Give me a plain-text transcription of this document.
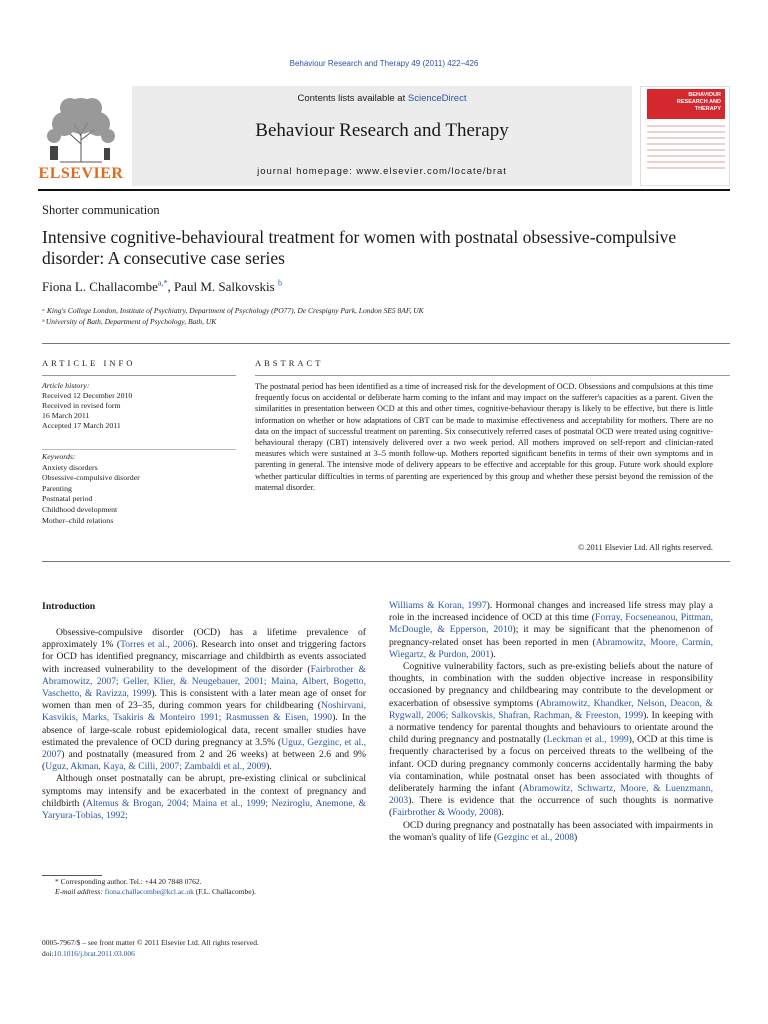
Behaviour Research and Therapy 49 (2011) 422–426
ELSEVIER
Contents lists available at ScienceDirect
Behaviour Research and Therapy
journal homepage: www.elsevier.com/locate/brat
BEHAVIOUR
RESEARCH AND
THERAPY
Shorter communication
Intensive cognitive-behavioural treatment for women with postnatal obsessive-compulsive disorder: A consecutive case series
Fiona L. Challacombe$^{a,*}$, Paul M. Salkovskis $^b$
ᵃ King's College London, Institute of Psychiatry, Department of Psychology (PO77), De Crespigny Park, London SE5 8AF, UK
ᵇ University of Bath, Department of Psychology, Bath, UK
ARTICLE INFO	ABSTRACT
Article history:
Received 12 December 2010
Received in revised form
16 March 2011
Accepted 17 March 2011
Keywords:
Anxiety disorders
Obsessive-compulsive disorder
Parenting
Postnatal period
Childhood development
Mother–child relations
The postnatal period has been identified as a time of increased risk for the development of OCD. Obsessions and compulsions at this time frequently focus on accidental or deliberate harm coming to the infant and may impact on the sufferer's capacities as a parent. Given the similarities in presentation between OCD at this and other times, cognitive-behaviour therapy is likely to be effective, but there is little information on whether or how adaptations of CBT can be made to maximise effectiveness and acceptability for mothers. There are no data on the impact of successful treatment on parenting. Six consecutively referred cases of postnatal OCD were treated using cognitive-behavioural therapy (CBT) intensively delivered over a two week period. All mothers improved on self-report and clinician-rated measures which were sustained at 3–5 month follow-up. Mothers reported significant benefits in terms of their own symptoms and in parenting in general. The intensive mode of delivery appears to be effective and acceptable for this group. Future work should explore whether particular difficulties in terms of parenting are experienced by this group and whether these persist beyond the remission of the maternal disorder.
© 2011 Elsevier Ltd. All rights reserved.
Introduction

Obsessive-compulsive disorder (OCD) has a lifetime prevalence of approximately 1% (Torres et al., 2006). Research into onset and triggering factors for OCD has identified pregnancy, miscarriage and childbirth as events associated with increased vulnerability to the development of the disorder (Fairbrother & Abramowitz, 2007; Geller, Klier, & Neugebauer, 2001; Maina, Albert, Bogetto, Vaschetto, & Ravizza, 1999). This is consistent with a later mean age of onset for women than men of 23–35, during common years for childbearing (Noshirvani, Kasvikis, Marks, Tsakiris & Monteiro 1991; Rasmussen & Eisen, 1990). In the absence of large-scale robust epidemiological data, recent smaller studies have estimated the prevalence of OCD during pregnancy at 3.5% (Uguz, Gezginc, et al., 2007) and postnatally (measured from 2 and 26 weeks) at between 2.6 and 9% (Uguz, Akman, Kaya, & Cilli, 2007; Zambaldi et al., 2009).

Although onset postnatally can be abrupt, pre-existing clinical or subclinical symptoms may intensify and be exacerbated in the context of pregnancy and childbirth (Altemus & Brogan, 2004; Maina et al., 1999; Neziroglu, Anemone, & Yaryura-Tobias, 1992;

Williams & Koran, 1997). Hormonal changes and increased life stress may play a role in the increased incidence of OCD at this time (Forray, Focseneanou, Pittman, McDougle, & Epperson, 2010); it may be significant that the phenomenon of pregnancy-related onset has been reported in men (Abramowitz, Moore, Carmin, Wiegartz, & Purdon, 2001).

Cognitive vulnerability factors, such as pre-existing beliefs about the nature of thoughts, in combination with the sudden objective increase in responsibility occasioned by pregnancy and childbearing may contribute to the development or exacerbation of obsessive symptoms (Abramowitz, Khandker, Nelson, Deacon, & Rygwall, 2006; Salkovskis, Shafran, Rachman, & Freeston, 1999). In keeping with a normative tendency for parental thoughts and behaviours to orientate around the child during pregnancy and postnatally (Leckman et al., 1999), OCD at this time is frequently characterised by a focus on perceived threats to the wellbeing of the infant. OCD during pregnancy commonly concerns accidentally harming the baby via contamination, while postnatal onset has been associated with thoughts of deliberately harming the infant (Abramowitz, Schwartz, Moore, & Luenzmann, 2003). There is evidence that the occurrence of such thoughts is normative (Fairbrother & Woody, 2008).

OCD during pregnancy and postnatally has been associated with impairments in the woman's quality of life (Gezginc et al., 2008)

* Corresponding author. Tel.: +44 20 7848 0762.
E-mail address: fiona.challacombe@kcl.ac.uk (F.L. Challacombe).
0005-7967/$ – see front matter © 2011 Elsevier Ltd. All rights reserved.
doi:10.1016/j.brat.2011.03.006
